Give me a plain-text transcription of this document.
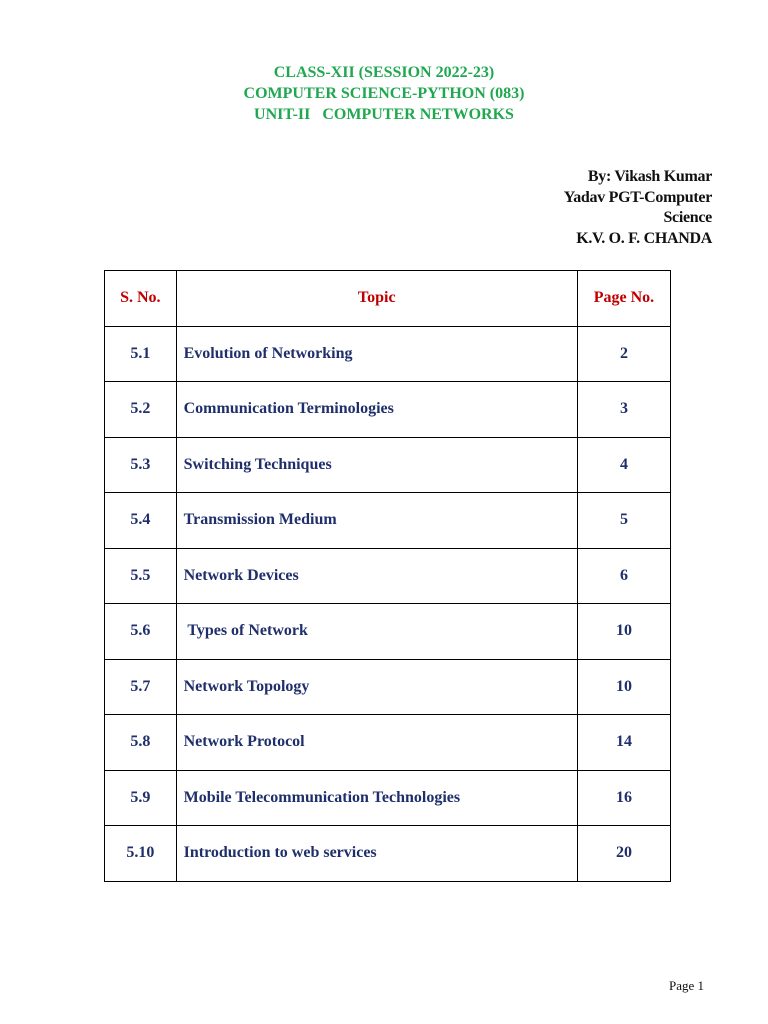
CLASS-XII (SESSION 2022-23)
COMPUTER SCIENCE-PYTHON (083)
UNIT-II   COMPUTER NETWORKS
By: Vikash Kumar
Yadav PGT-Computer
Science
K.V. O. F. CHANDA
S. No.	Topic	Page No.
5.1	Evolution of Networking	2
5.2	Communication Terminologies	3
5.3	Switching Techniques	4
5.4	Transmission Medium	5
5.5	Network Devices	6
5.6	Types of Network	10
5.7	Network Topology	10
5.8	Network Protocol	14
5.9	Mobile Telecommunication Technologies	16
5.10	Introduction to web services	20
Page 1
